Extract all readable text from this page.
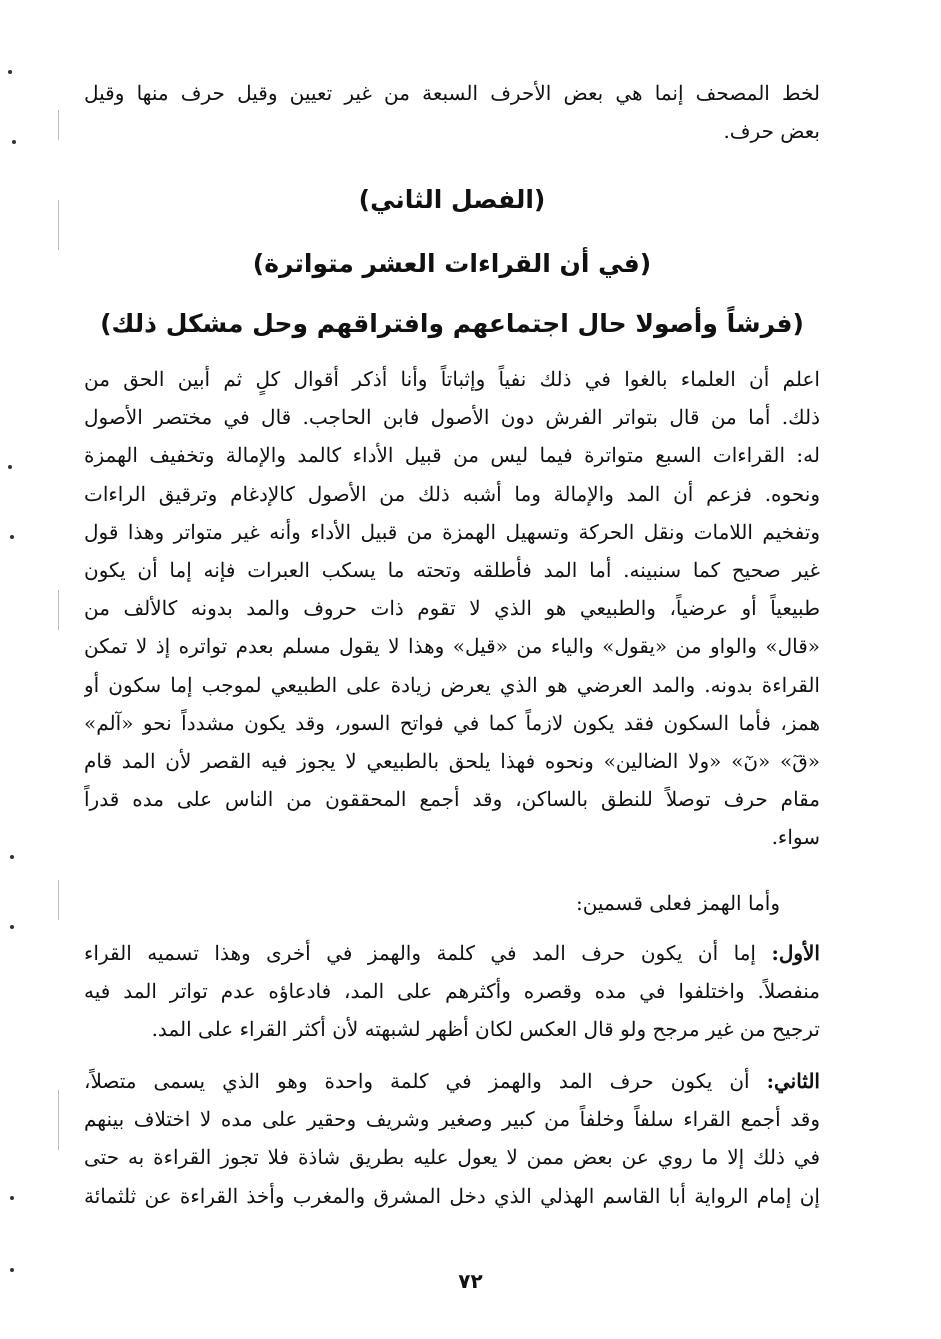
لخط المصحف إنما هي بعض الأحرف السبعة من غير تعيين وقيل حرف منها وقيل
بعض حرف.
(الفصل الثاني)
(في أن القراءات العشر متواترة)
(فرشاً وأصولا حال اجتماعهم وافتراقهم وحل مشكل ذلك)
اعلم أن العلماء بالغوا في ذلك نفياً وإثباتاً وأنا أذكر أقوال كلٍ ثم أبين الحق من
ذلك. أما من قال بتواتر الفرش دون الأصول فابن الحاجب. قال في مختصر الأصول
له: القراءات السبع متواترة فيما ليس من قبيل الأداء كالمد والإمالة وتخفيف الهمزة
ونحوه. فزعم أن المد والإمالة وما أشبه ذلك من الأصول كالإدغام وترقيق الراءات
وتفخيم اللامات ونقل الحركة وتسهيل الهمزة من قبيل الأداء وأنه غير متواتر وهذا قول
غير صحيح كما سنبينه. أما المد فأطلقه وتحته ما يسكب العبرات فإنه إما أن يكون
طبيعياً أو عرضياً، والطبيعي هو الذي لا تقوم ذات حروف والمد بدونه كالألف من
«قال» والواو من «يقول» والياء من «قيل» وهذا لا يقول مسلم بعدم تواتره إذ لا تمكن
القراءة بدونه. والمد العرضي هو الذي يعرض زيادة على الطبيعي لموجب إما سكون أو
همز، فأما السكون فقد يكون لازماً كما في فواتح السور، وقد يكون مشدداً نحو «آلم»
«قٓ» «نٓ» «ولا الضالين» ونحوه فهذا يلحق بالطبيعي لا يجوز فيه القصر لأن المد قام
مقام حرف توصلاً للنطق بالساكن، وقد أجمع المحققون من الناس على مده قدراً
سواء.
وأما الهمز فعلى قسمين:
الأول: إما أن يكون حرف المد في كلمة والهمز في أخرى وهذا تسميه القراء
منفصلاً. واختلفوا في مده وقصره وأكثرهم على المد، فادعاؤه عدم تواتر المد فيه
ترجيح من غير مرجح ولو قال العكس لكان أظهر لشبهته لأن أكثر القراء على المد.
الثاني: أن يكون حرف المد والهمز في كلمة واحدة وهو الذي يسمى متصلاً،
وقد أجمع القراء سلفاً وخلفاً من كبير وصغير وشريف وحقير على مده لا اختلاف بينهم
في ذلك إلا ما روي عن بعض ممن لا يعول عليه بطريق شاذة فلا تجوز القراءة به حتى
إن إمام الرواية أبا القاسم الهذلي الذي دخل المشرق والمغرب وأخذ القراءة عن ثلثمائة
٧٢
